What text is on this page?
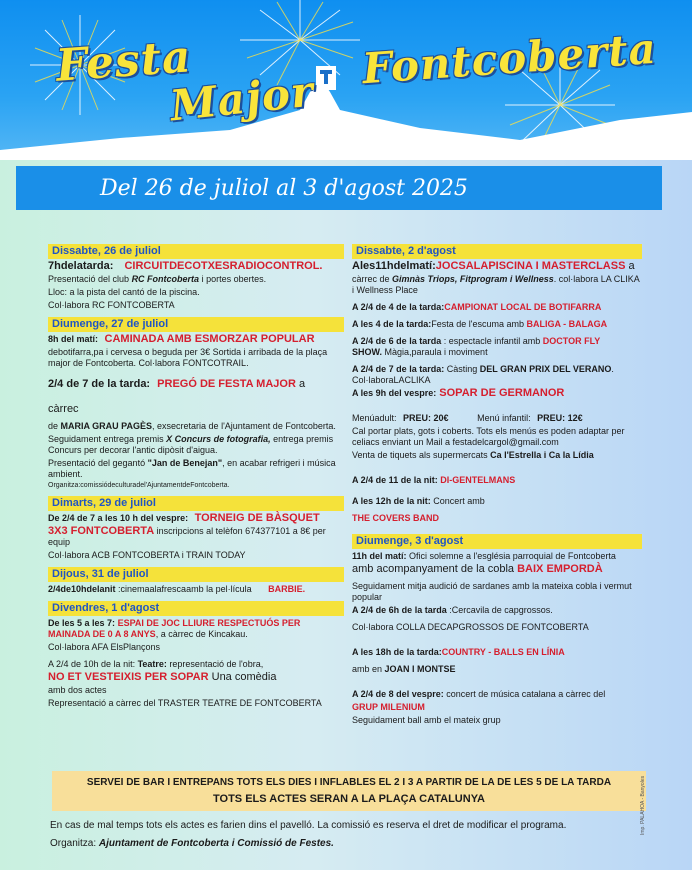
Festa
Major
Fontcoberta
Del 26 de juliol al 3 d'agost 2025
Dissabte, 26 de juliol
7hdelatarda: CIRCUITDECOTXESRADIOCONTROL.
Presentació del club RC Fontcoberta i portes obertes.
Lloc: a la pista del cantó de la piscina.
Col·labora RC FONTCOBERTA
Diumenge, 27 de juliol
8h del matí: CAMINADA AMB ESMORZAR POPULAR
debotifarra,pa i cervesa o beguda per 3€ Sortida i arribada de la plaça major de Fontcoberta. Col·labora FONTCOTRAIL.
2/4 de 7 de la tarda: PREGÓ DE FESTA MAJOR a
càrrec
de MARIA GRAU PAGÈS, exsecretaria de l'Ajuntament de Fontcoberta.
Seguidament entrega premis X Concurs de fotografia, entrega premis Concurs per decorar l'antic dipòsit d'aigua.
Presentació del gegantó "Jan de Benejan", en acabar refrigeri i música ambient.
Organitza:comissiódeculturadel'AjuntamentdeFontcoberta.
Dimarts, 29 de juliol
De 2/4 de 7 a les 10 h del vespre: TORNEIG DE BÀSQUET
3X3 FONTCOBERTA inscripcions al telèfon 674377101 a 8€ per equip
Col·labora ACB FONTCOBERTA i TRAIN TODAY
Dijous, 31 de juliol
2/4de10hdelanit :cinemaalafrescaamb la pel·lícula BARBIE.
Divendres, 1 d'agost
De les 5 a les 7: ESPAI DE JOC LLIURE RESPECTUÓS PER MAINADA DE 0 A 8 ANYS, a càrrec de Kincakau.
Col·labora AFA ElsPlançons
A 2/4 de 10h de la nit: Teatre: representació de l'obra,
NO ET VESTEIXIS PER SOPAR Una comèdia
amb dos actes
Representació a càrrec del TRASTER TEATRE DE FONTCOBERTA
Dissabte, 2 d'agost
Ales11hdelmatí:JOCSALAPISCINA I MASTERCLASS a
càrrec de Gimnàs Triops, Fitprogram i Wellness. col·labora LA CLIKA i Wellness Place
A 2/4 de 4 de la tarda:CAMPIONAT LOCAL DE BOTIFARRA
A les 4 de la tarda:Festa de l'escuma amb BALIGA - BALAGA
A 2/4 de 6 de la tarda : espectacle infantil amb DOCTOR FLY
SHOW. Màgia,paraula i moviment
A 2/4 de 7 de la tarda: Càsting DEL GRAN PRIX DEL VERANO. Col·laboraLACLIKA
A les 9h del vespre: SOPAR DE GERMANOR
Menúadult: PREU: 20€	Menú infantil: PREU: 12€
Cal portar plats, gots i coberts. Tots els menús es poden adaptar per celiacs enviant un Mail a festadelcargol@gmail.com
Venta de tiquets als supermercats Ca l'Estrella i Ca la Lídia
A 2/4 de 11 de la nit: DI-GENTELMANS
A les 12h de la nit: Concert amb
THE COVERS BAND
Diumenge, 3 d'agost
11h del matí: Ofici solemne a l'església parroquial de Fontcoberta
amb acompanyament de la cobla BAIX EMPORDÀ
Seguidament mitja audició de sardanes amb la mateixa cobla i vermut popular
A 2/4 de 6h de la tarda :Cercavila de capgrossos.
Col·labora COLLA DECAPGROSSOS DE FONTCOBERTA
A les 18h de la tarda:COUNTRY - BALLS EN LÍNIA
amb en JOAN I MONTSE
A 2/4 de 8 del vespre: concert de música catalana a càrrec del
GRUP MILENIUM
Seguidament ball amb el mateix grup
SERVEI DE BAR I ENTREPANS TOTS ELS DIES I INFLABLES EL 2 I 3 A PARTIR DE LA DE LES 5 DE LA TARDA
TOTS ELS ACTES SERAN A LA PLAÇA CATALUNYA
En cas de mal temps tots els actes es farien dins el pavelló. La comissió es reserva el dret de modificar el programa.
Organitza: Ajuntament de Fontcoberta i Comissió de Festes.
Imp. PALAHOA - Banyoles
